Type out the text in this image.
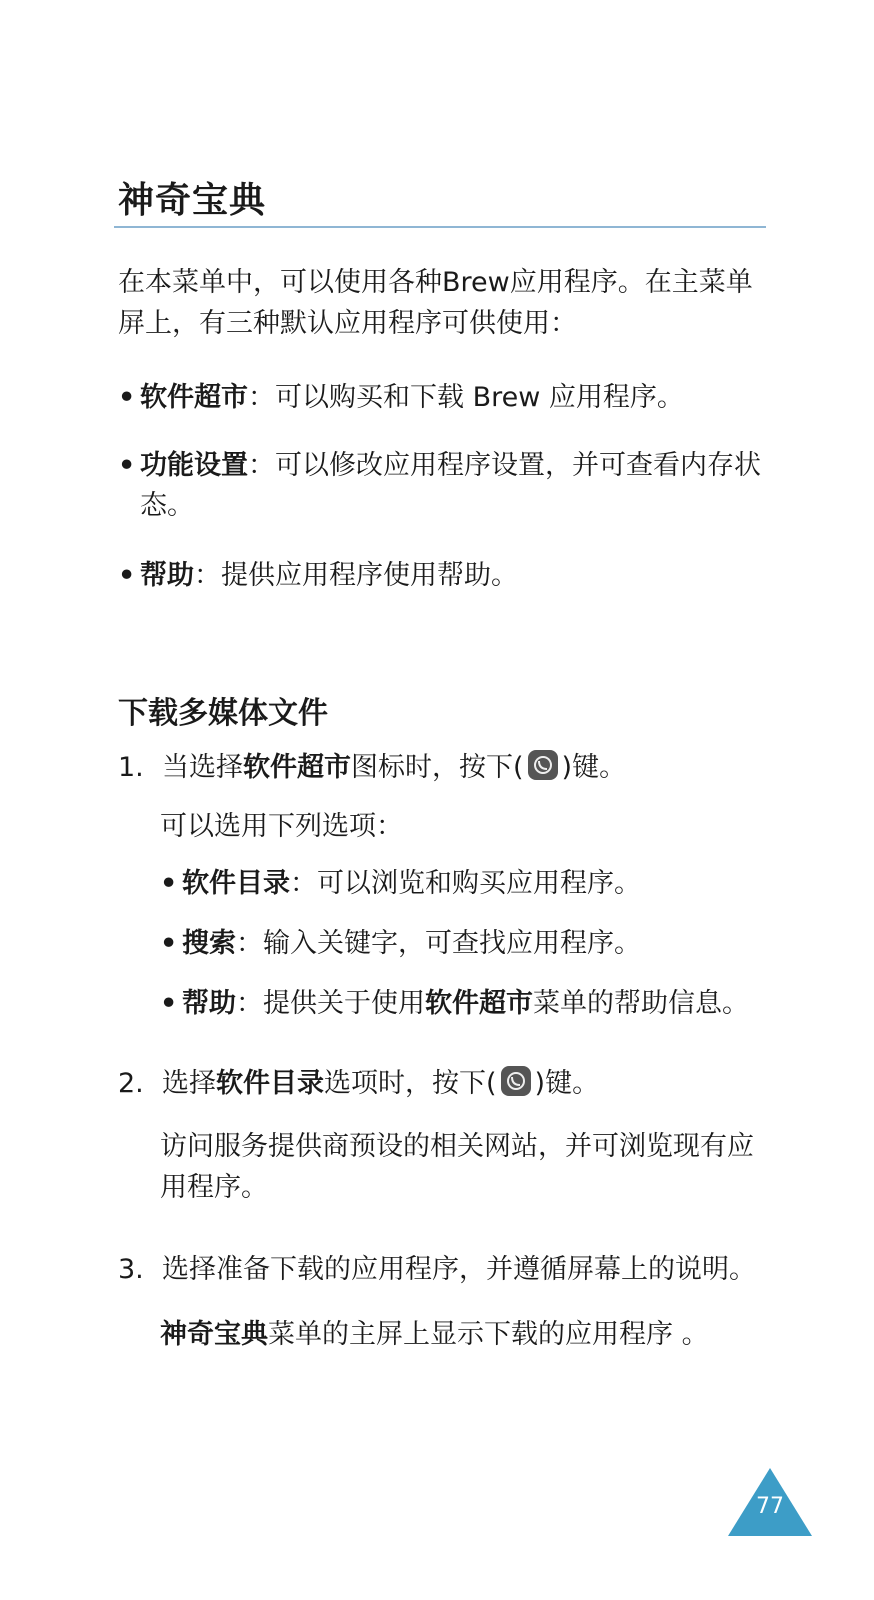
神奇宝典

在本菜单中，可以使用各种Brew应用程序。在主菜单屏上，有三种默认应用程序可供使用：

• 软件超市：可以购买和下载 Brew 应用程序。
• 功能设置：可以修改应用程序设置，并可查看内存状态。
• 帮助：提供应用程序使用帮助。
下载多媒体文件
1. 当选择软件超市图标时，按下( )键。

可以选用下列选项：

• 软件目录：可以浏览和购买应用程序。
• 搜索：输入关键字，可查找应用程序。
• 帮助：提供关于使用软件超市菜单的帮助信息。
2. 选择软件目录选项时，按下( )键。

访问服务提供商预设的相关网站，并可浏览现有应用程序。

3. 选择准备下载的应用程序，并遵循屏幕上的说明。

神奇宝典菜单的主屏上显示下载的应用程序 。

77
